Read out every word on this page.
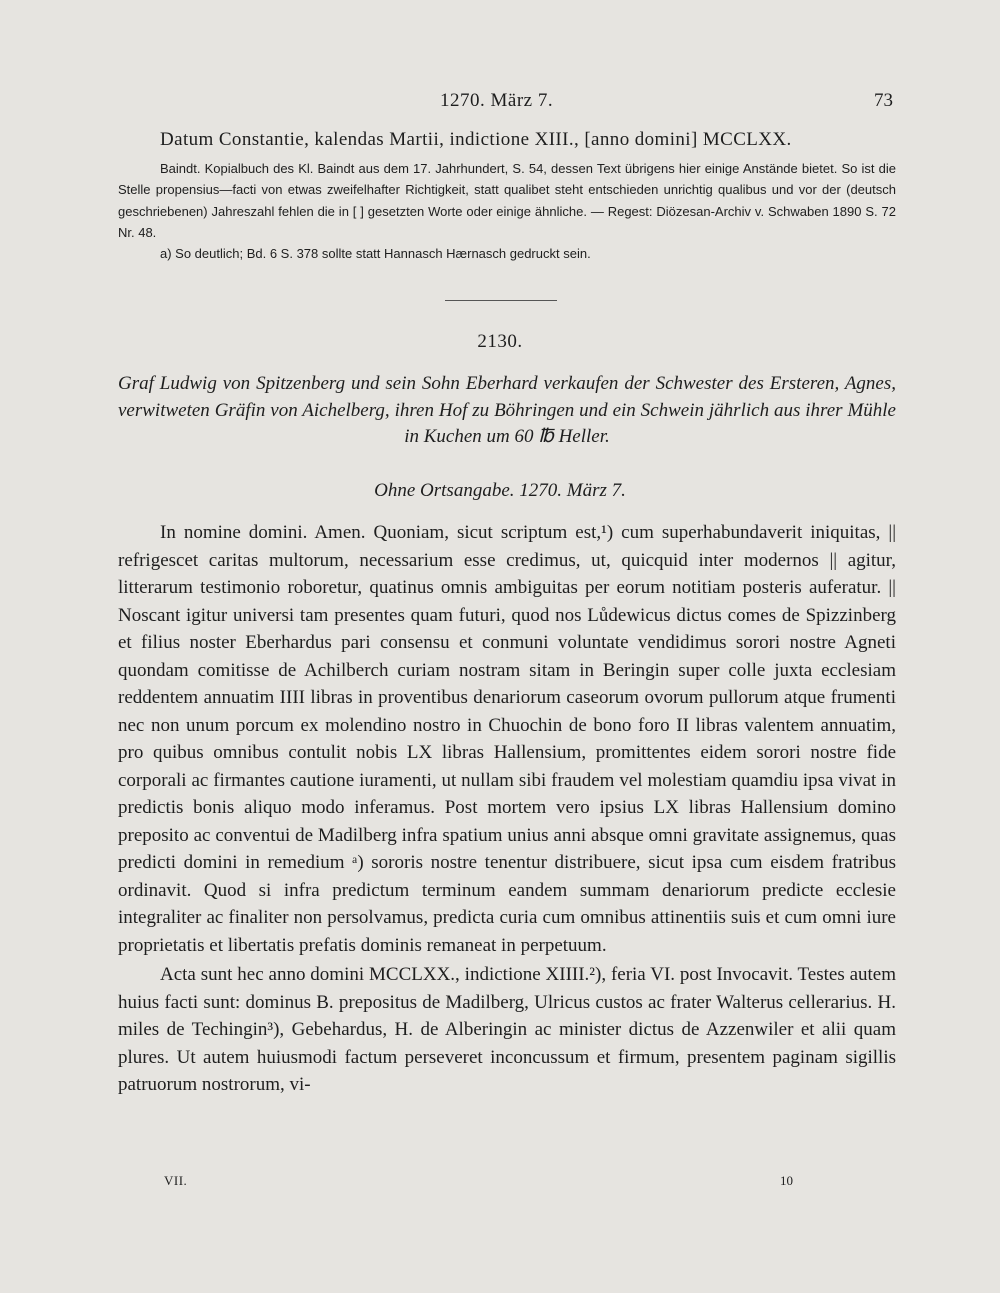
1270. März 7.	73
Datum Constantie, kalendas Martii, indictione XIII., [anno domini] MCCLXX.

Baindt. Kopialbuch des Kl. Baindt aus dem 17. Jahrhundert, S. 54, dessen Text übrigens hier einige Anstände bietet. So ist die Stelle propensius—facti von etwas zweifelhafter Richtigkeit, statt qualibet steht entschieden unrichtig qualibus und vor der (deutsch geschriebenen) Jahreszahl fehlen die in [ ] gesetzten Worte oder einige ähnliche. — Regest: Diözesan-Archiv v. Schwaben 1890 S. 72 Nr. 48.

a) So deutlich; Bd. 6 S. 378 sollte statt Hannasch Hærnasch gedruckt sein.

2130.
Graf Ludwig von Spitzenberg und sein Sohn Eberhard verkaufen der Schwester des Ersteren, Agnes, verwitweten Gräfin von Aichelberg, ihren Hof zu Böhringen und ein Schwein jährlich aus ihrer Mühle in Kuchen um 60 ℔ Heller.
Ohne Ortsangabe. 1270. März 7.

In nomine domini. Amen. Quoniam, sicut scriptum est,¹) cum superhabundaverit iniquitas, || refrigescet caritas multorum, necessarium esse credimus, ut, quicquid inter modernos || agitur, litterarum testimonio roboretur, quatinus omnis ambiguitas per eorum notitiam posteris auferatur. || Noscant igitur universi tam presentes quam futuri, quod nos Lůdewicus dictus comes de Spizzinberg et filius noster Eberhardus pari consensu et conmuni voluntate vendidimus sorori nostre Agneti quondam comitisse de Achilberch curiam nostram sitam in Beringin super colle juxta ecclesiam reddentem annuatim IIII libras in proventibus denariorum caseorum ovorum pullorum atque frumenti nec non unum porcum ex molendino nostro in Chuochin de bono foro II libras valentem annuatim, pro quibus omnibus contulit nobis LX libras Hallensium, promittentes eidem sorori nostre fide corporali ac firmantes cautione iuramenti, ut nullam sibi fraudem vel molestiam quamdiu ipsa vivat in predictis bonis aliquo modo inferamus. Post mortem vero ipsius LX libras Hallensium domino preposito ac conventui de Madilberg infra spatium unius anni absque omni gravitate assignemus, quas predicti domini in remedium ᵃ) sororis nostre tenentur distribuere, sicut ipsa cum eisdem fratribus ordinavit. Quod si infra predictum terminum eandem summam denariorum predicte ecclesie integraliter ac finaliter non persolvamus, predicta curia cum omnibus attinentiis suis et cum omni iure proprietatis et libertatis prefatis dominis remaneat in perpetuum.

Acta sunt hec anno domini MCCLXX., indictione XIIII.²), feria VI. post Invocavit. Testes autem huius facti sunt: dominus B. prepositus de Madilberg, Ulricus custos ac frater Walterus cellerarius. H. miles de Techingin³), Gebehardus, H. de Alberingin ac minister dictus de Azzenwiler et alii quam plures. Ut autem huiusmodi factum perseveret inconcussum et firmum, presentem paginam sigillis patruorum nostrorum, vi-

VII.	10
